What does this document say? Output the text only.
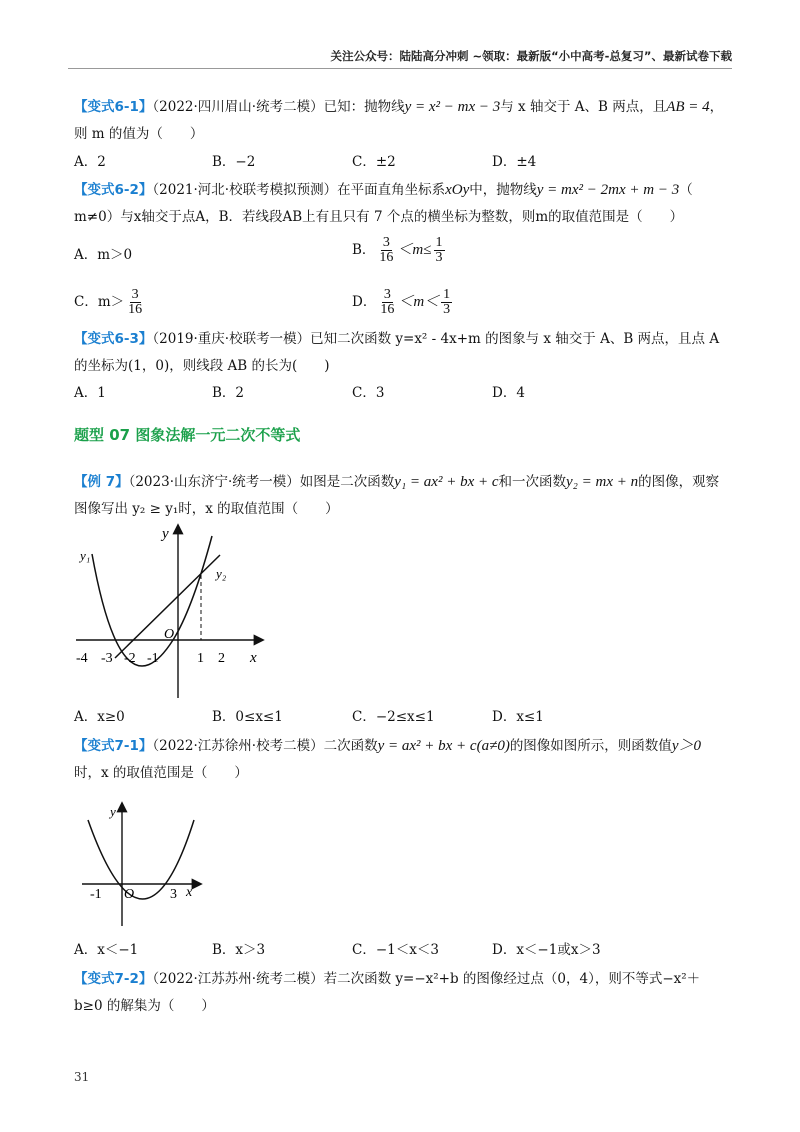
关注公众号：陆陆高分冲刺 ~领取：最新版“小中高考-总复习”、最新试卷下载
【变式6-1】（2022·四川眉山·统考二模）已知：抛物线y = x² − mx − 3与 x 轴交于 A、B 两点，且AB = 4，
则 m 的值为（　　）
A．2	B．−2	C．±2	D．±4
【变式6-2】（2021·河北·校联考模拟预测）在平面直角坐标系xOy中，抛物线y = mx² − 2mx + m − 3（
m≠0）与x轴交于点A，B．若线段AB上有且只有 7 个点的横坐标为整数，则m的取值范围是（　　）
A．m＞0	B． $\frac{3}{16} <m\le \frac{1}{3}$
C．$m> \frac{3}{16}$	D． $\frac{3}{16} <m< \frac{1}{3}$
【变式6-3】（2019·重庆·校联考一模）已知二次函数 y=x² - 4x+m 的图象与 x 轴交于 A、B 两点，且点 A
的坐标为(1，0)，则线段 AB 的长为(　　)
A．1	B．2	C．3	D．4
题型 07 图象法解一元二次不等式
【例 7】（2023·山东济宁·统考一模）如图是二次函数y₁ = ax² + bx + c和一次函数y₂ = mx + n的图像，观察
图像写出 y₂ ≥ y₁时，x 的取值范围（　　）
y₁
y₂
y
x
O
-4 -3 -2 -1	1 2
A．x≥0	B．0≤x≤1	C．−2≤x≤1	D．x≤1
【变式7-1】（2022·江苏徐州·校考二模）二次函数y = ax² + bx + c(a≠0)的图像如图所示，则函数值y＞0
时，x 的取值范围是（　　）
y
x
O
-1	3
A．x＜−1	B．x＞3	C．−1＜x＜3	D．x＜−1或x＞3
【变式7-2】（2022·江苏苏州·统考二模）若二次函数 y=−x²+b 的图像经过点（0，4），则不等式−x²＋
b≥0 的解集为（　　）
31
